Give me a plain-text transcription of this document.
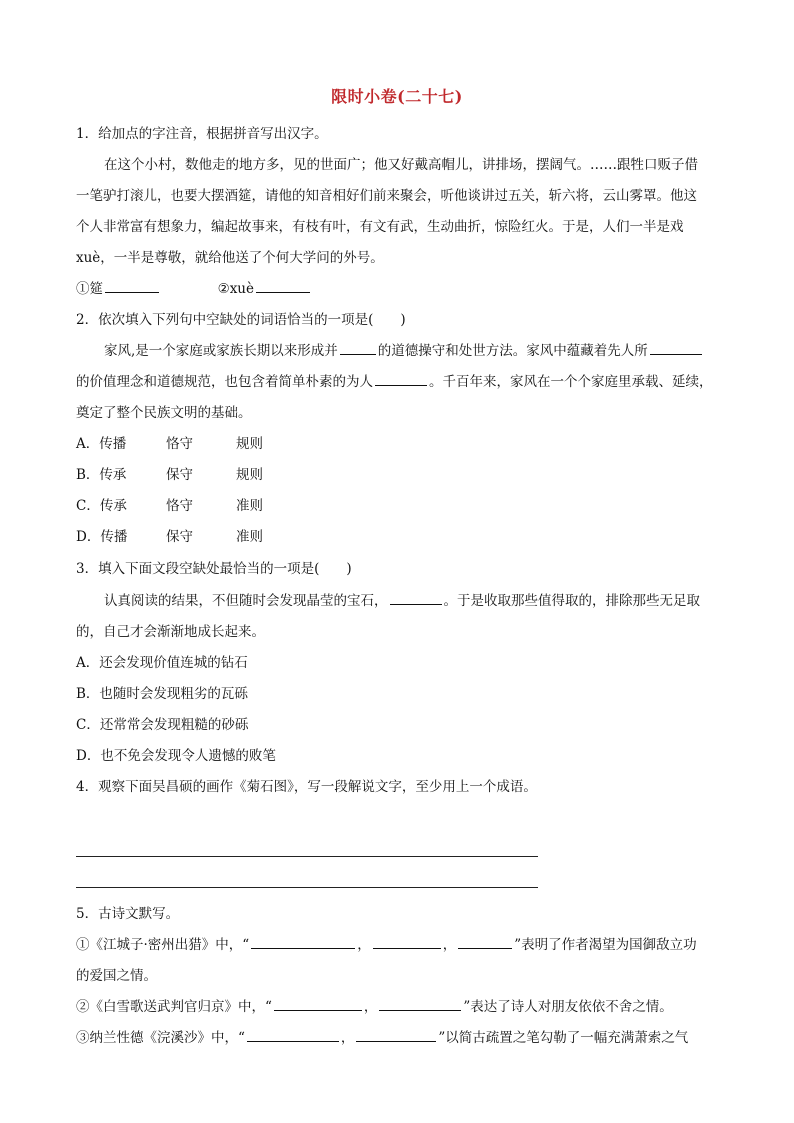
限时小卷(二十七)
1．给加点的字注音，根据拼音写出汉字。
在这个小村，数他走的地方多，见的世面广；他又好戴高帽儿，讲排场，摆阔气。……跟牲口贩子借
一笔驴打滚儿，也要大摆酒筵，请他的知音相好们前来聚会，听他谈讲过五关，斩六将，云山雾罩。他这
个人非常富有想象力，编起故事来，有枝有叶，有文有武，生动曲折，惊险红火。于是，人们一半是戏
xuè，一半是尊敬，就给他送了个何大学问的外号。
①筵	②xuè
2．依次填入下列句中空缺处的词语恰当的一项是(　　)
家风,是一个家庭或家族长期以来形成并	的道德操守和处世方法。家风中蕴藏着先人所
的价值理念和道德规范，也包含着简单朴素的为人	。千百年来，家风在一个个家庭里承载、延续，
奠定了整个民族文明的基础。
A．传播	恪守	规则
B．传承	保守	规则
C．传承	恪守	准则
D．传播	保守	准则
3．填入下面文段空缺处最恰当的一项是(　　)
认真阅读的结果，不但随时会发现晶莹的宝石，	。于是收取那些值得取的，排除那些无足取
的，自己才会渐渐地成长起来。
A．还会发现价值连城的钻石
B．也随时会发现粗劣的瓦砾
C．还常常会发现粗糙的砂砾
D．也不免会发现令人遗憾的败笔
4．观察下面吴昌硕的画作《菊石图》，写一段解说文字，至少用上一个成语。
5．古诗文默写。
①《江城子·密州出猎》中，“	，	，	”表明了作者渴望为国御敌立功
的爱国之情。
②《白雪歌送武判官归京》中，“	，	”表达了诗人对朋友依依不舍之情。
③纳兰性德《浣溪沙》中，“	，	”以简古疏置之笔勾勒了一幅充满萧索之气
